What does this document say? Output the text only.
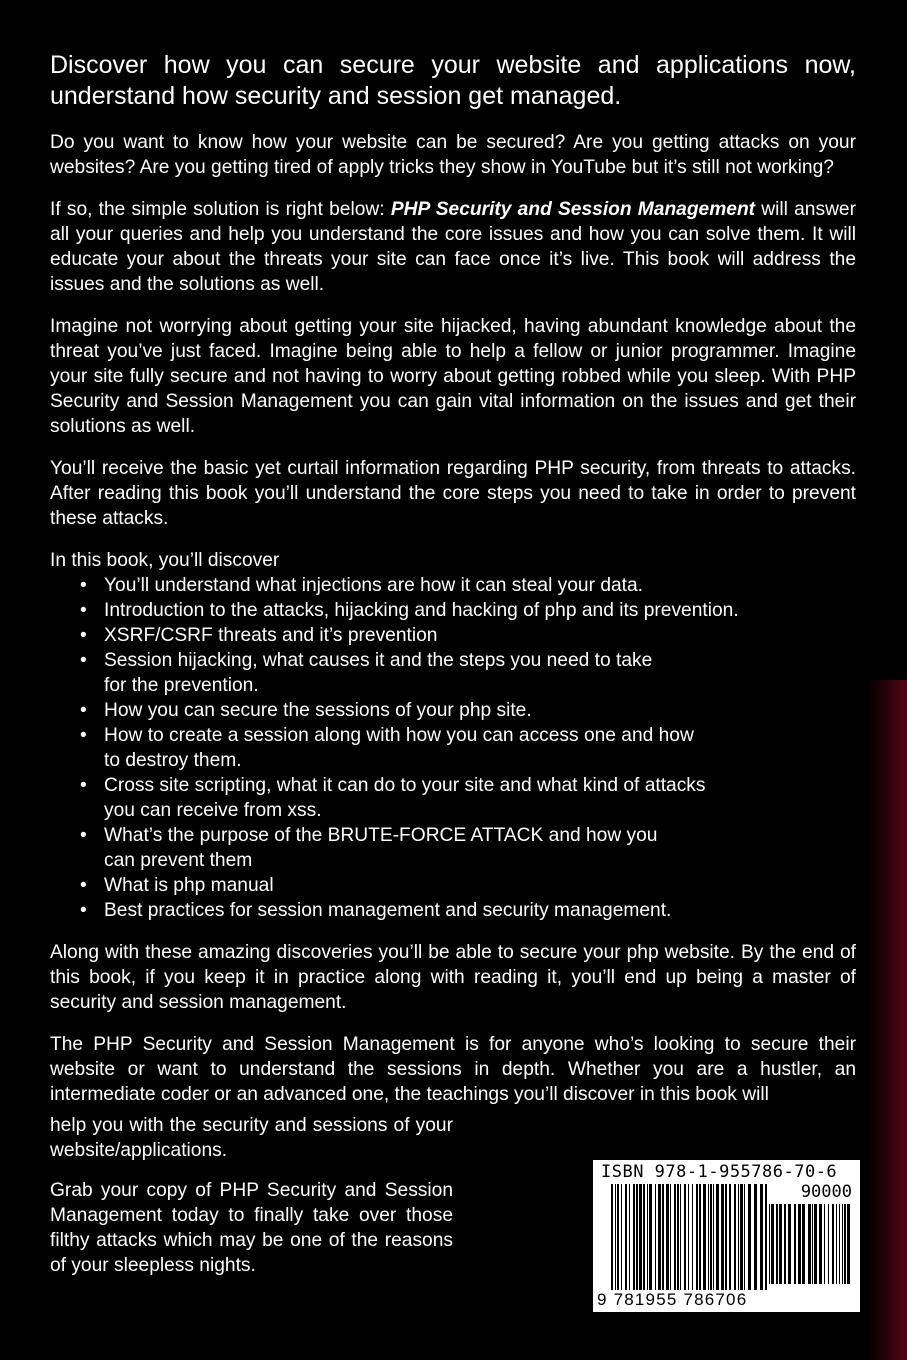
Discover how you can secure your website and applications now, understand how security and session get managed.

Do you want to know how your website can be secured? Are you getting attacks on your websites? Are you getting tired of apply tricks they show in YouTube but it’s still not working?

If so, the simple solution is right below: PHP Security and Session Management will answer all your queries and help you understand the core issues and how you can solve them. It will educate your about the threats your site can face once it’s live. This book will address the issues and the solutions as well.

Imagine not worrying about getting your site hijacked, having abundant knowledge about the threat you’ve just faced. Imagine being able to help a fellow or junior programmer. Imagine your site fully secure and not having to worry about getting robbed while you sleep. With PHP Security and Session Management you can gain vital information on the issues and get their solutions as well.

You’ll receive the basic yet curtail information regarding PHP security, from threats to attacks. After reading this book you’ll understand the core steps you need to take in order to prevent these attacks.

In this book, you’ll discover

• You’ll understand what injections are how it can steal your data.
• Introduction to the attacks, hijacking and hacking of php and its prevention.
• XSRF/CSRF threats and it’s prevention
• Session hijacking, what causes it and the steps you need to take
for the prevention.
• How you can secure the sessions of your php site.
• How to create a session along with how you can access one and how
to destroy them.
• Cross site scripting, what it can do to your site and what kind of attacks
you can receive from xss.
• What’s the purpose of the BRUTE-FORCE ATTACK and how you
can prevent them
• What is php manual
• Best practices for session management and security management.

Along with these amazing discoveries you’ll be able to secure your php website. By the end of this book, if you keep it in practice along with reading it, you’ll end up being a master of security and session management.

The PHP Security and Session Management is for anyone who’s looking to secure their website or want to understand the sessions in depth. Whether you are a hustler, an intermediate coder or an advanced one, the teachings you’ll discover in this book will

help you with the security and sessions of your website/applications.

Grab your copy of PHP Security and Session Management today to finally take over those filthy attacks which may be one of the reasons of your sleepless nights.

ISBN 978-1-955786-70-6
90000
9 781955 786706
